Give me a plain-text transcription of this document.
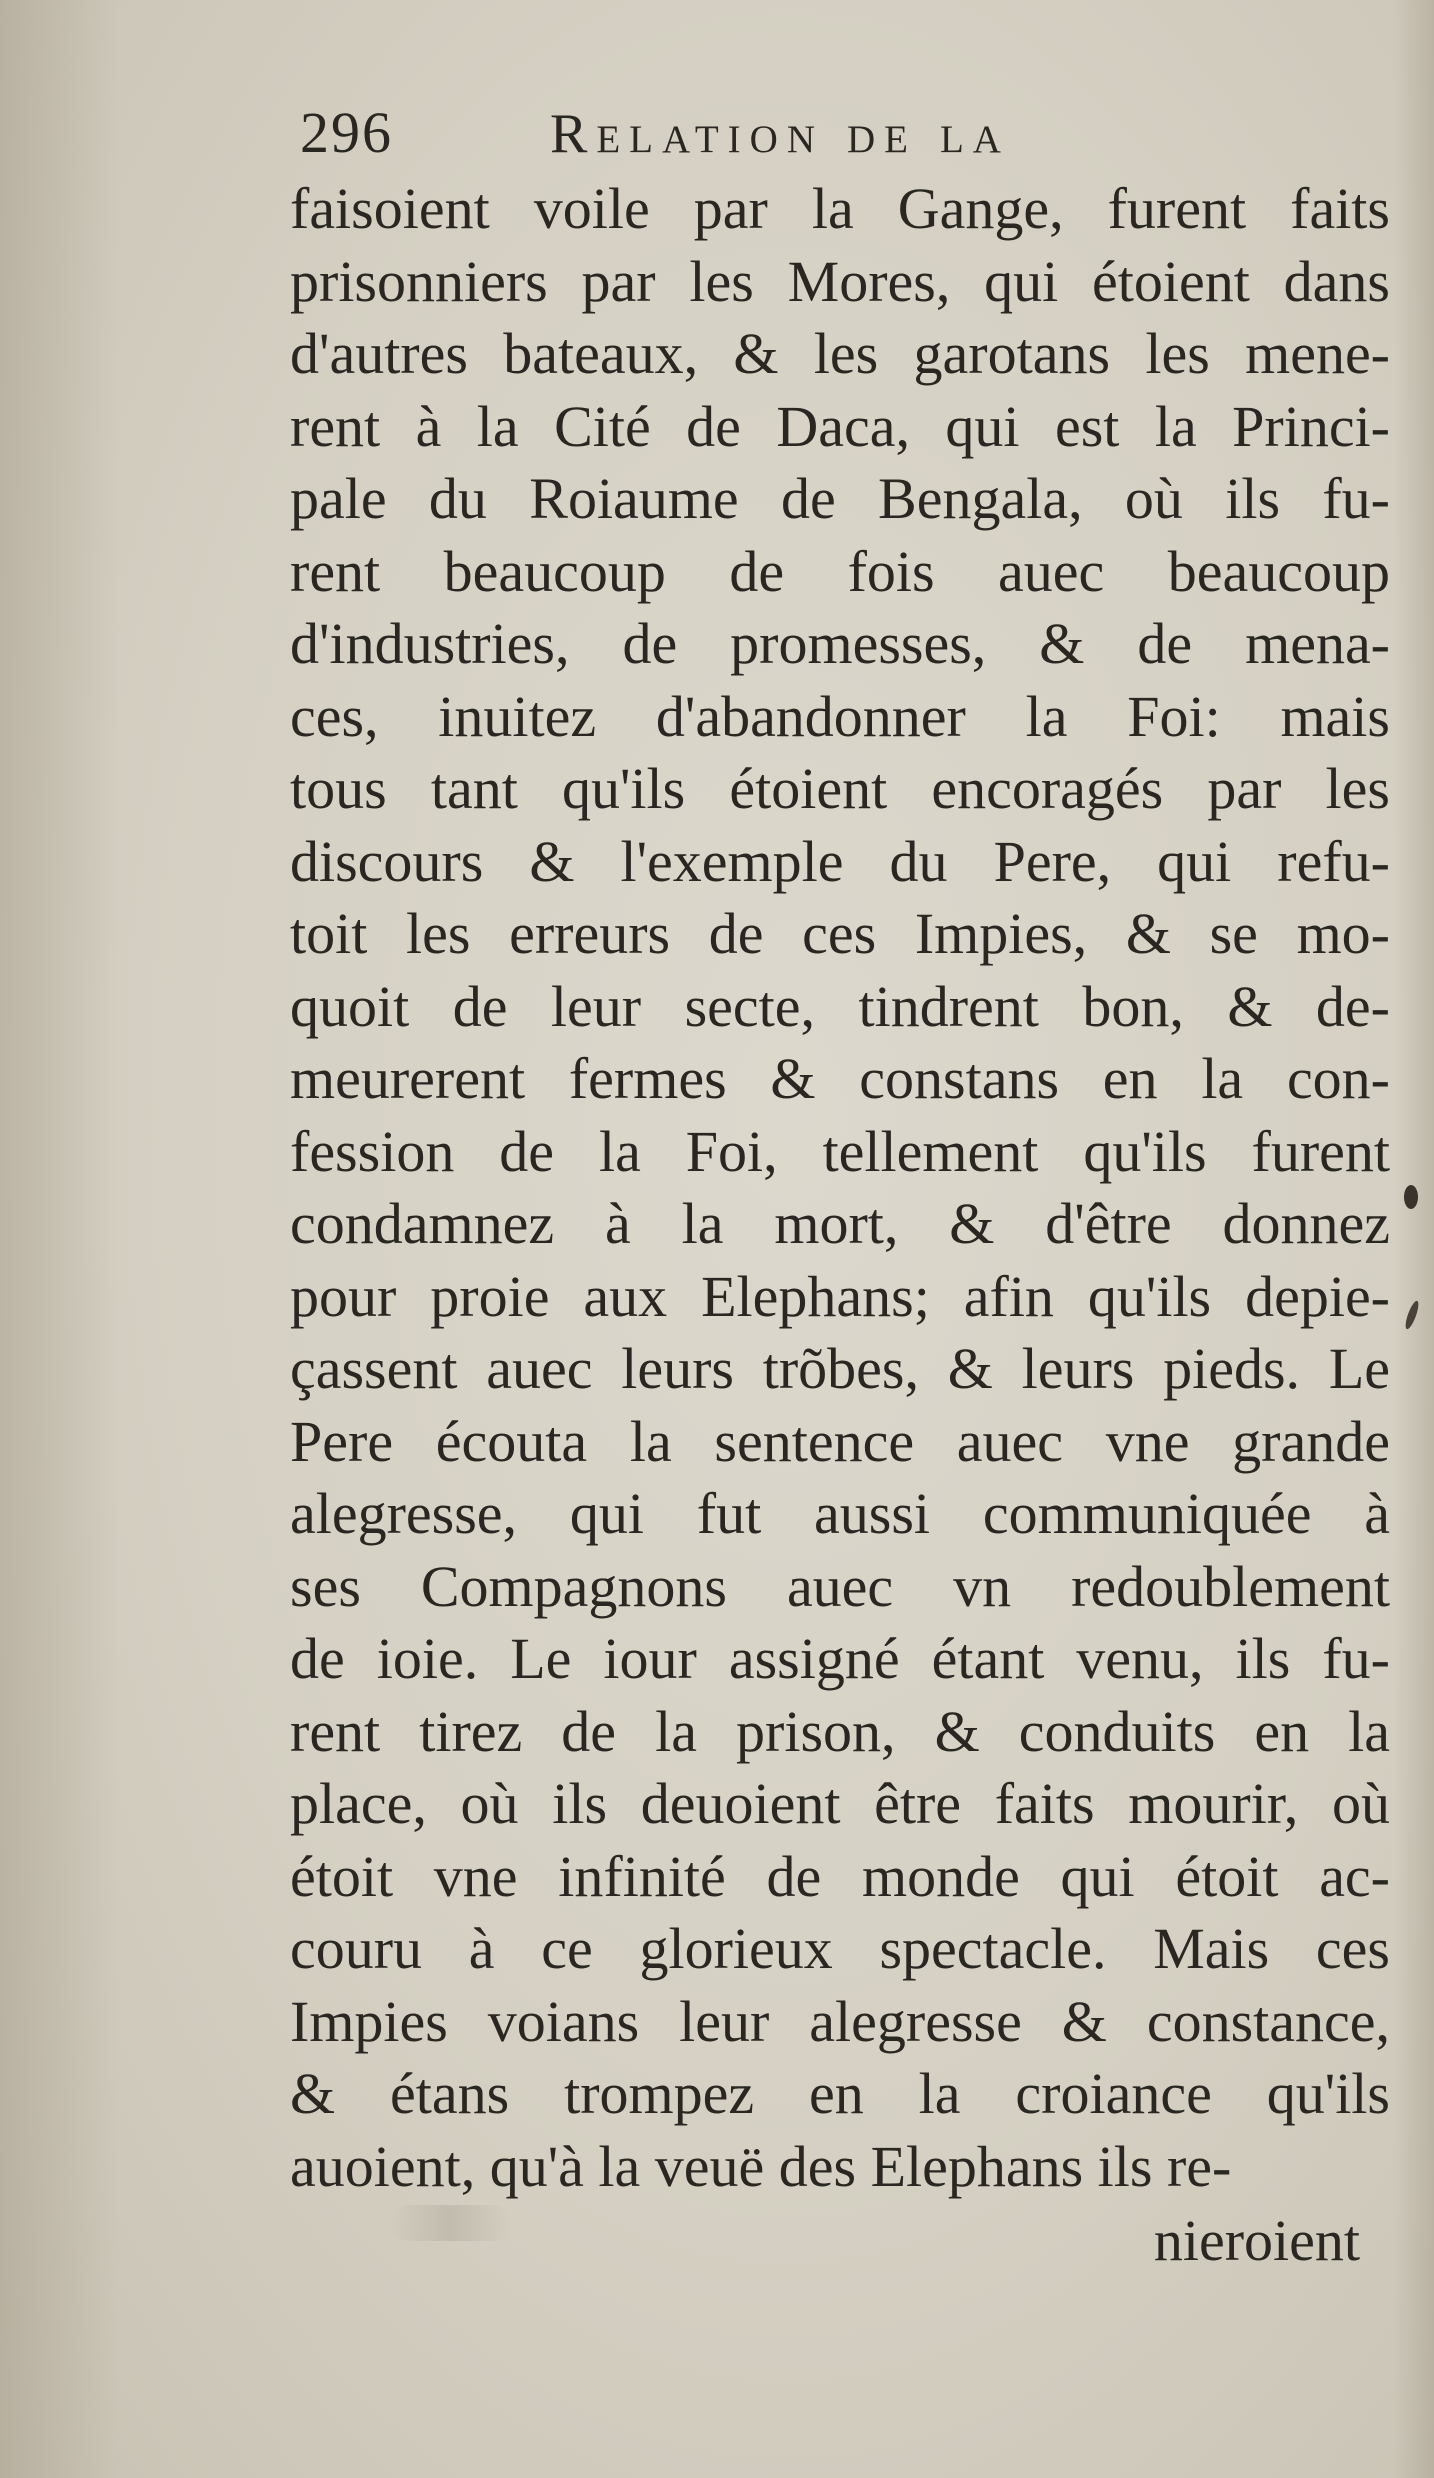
296	Relation de la
faisoient voile par la Gange, furent faits
prisonniers par les Mores, qui étoient dans
d'autres bateaux, & les garotans les mene-
rent à la Cité de Daca, qui est la Princi-
pale du Roiaume de Bengala, où ils fu-
rent beaucoup de fois auec beaucoup
d'industries, de promesses, & de mena-
ces, inuitez d'abandonner la Foi: mais
tous tant qu'ils étoient encoragés par les
discours & l'exemple du Pere, qui refu-
toit les erreurs de ces Impies, & se mo-
quoit de leur secte, tindrent bon, & de-
meurerent fermes & constans en la con-
fession de la Foi, tellement qu'ils furent
condamnez à la mort, & d'être donnez
pour proie aux Elephans; afin qu'ils depie-
çassent auec leurs trõbes, & leurs pieds. Le
Pere écouta la sentence auec vne grande
alegresse, qui fut aussi communiquée à
ses Compagnons auec vn redoublement
de ioie. Le iour assigné étant venu, ils fu-
rent tirez de la prison, & conduits en la
place, où ils deuoient être faits mourir, où
étoit vne infinité de monde qui étoit ac-
couru à ce glorieux spectacle. Mais ces
Impies voians leur alegresse & constance,
& étans trompez en la croiance qu'ils
auoient, qu'à la veuë des Elephans ils re-
nieroient
